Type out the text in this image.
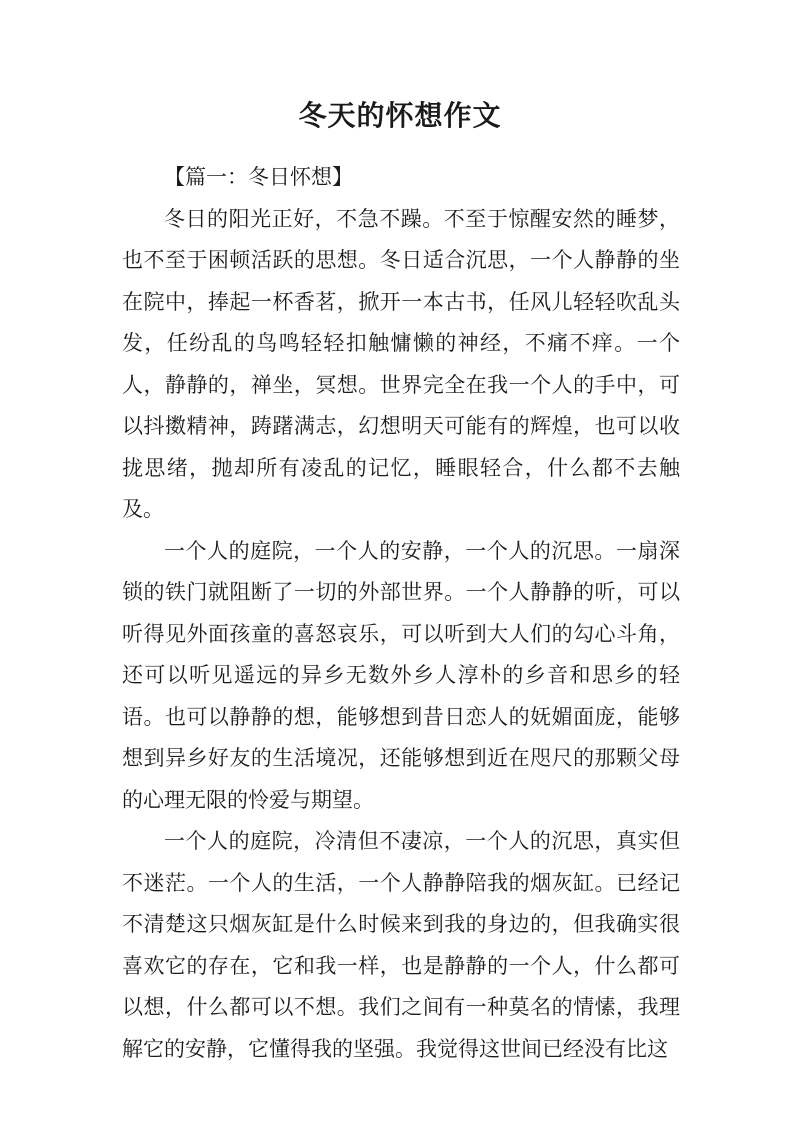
冬天的怀想作文

【篇一：冬日怀想】

冬日的阳光正好，不急不躁。不至于惊醒安然的睡梦，也不至于困顿活跃的思想。冬日适合沉思，一个人静静的坐在院中，捧起一杯香茗，掀开一本古书，任风儿轻轻吹乱头发，任纷乱的鸟鸣轻轻扣触慵懒的神经，不痛不痒。一个人，静静的，禅坐，冥想。世界完全在我一个人的手中，可以抖擞精神，踌躇满志，幻想明天可能有的辉煌，也可以收拢思绪，抛却所有凌乱的记忆，睡眼轻合，什么都不去触及。

一个人的庭院，一个人的安静，一个人的沉思。一扇深锁的铁门就阻断了一切的外部世界。一个人静静的听，可以听得见外面孩童的喜怒哀乐，可以听到大人们的勾心斗角，还可以听见遥远的异乡无数外乡人淳朴的乡音和思乡的轻语。也可以静静的想，能够想到昔日恋人的妩媚面庞，能够想到异乡好友的生活境况，还能够想到近在咫尺的那颗父母的心理无限的怜爱与期望。

一个人的庭院，冷清但不凄凉，一个人的沉思，真实但不迷茫。一个人的生活，一个人静静陪我的烟灰缸。已经记不清楚这只烟灰缸是什么时候来到我的身边的，但我确实很喜欢它的存在，它和我一样，也是静静的一个人，什么都可以想，什么都可以不想。我们之间有一种莫名的情愫，我理解它的安静，它懂得我的坚强。我觉得这世间已经没有比这
